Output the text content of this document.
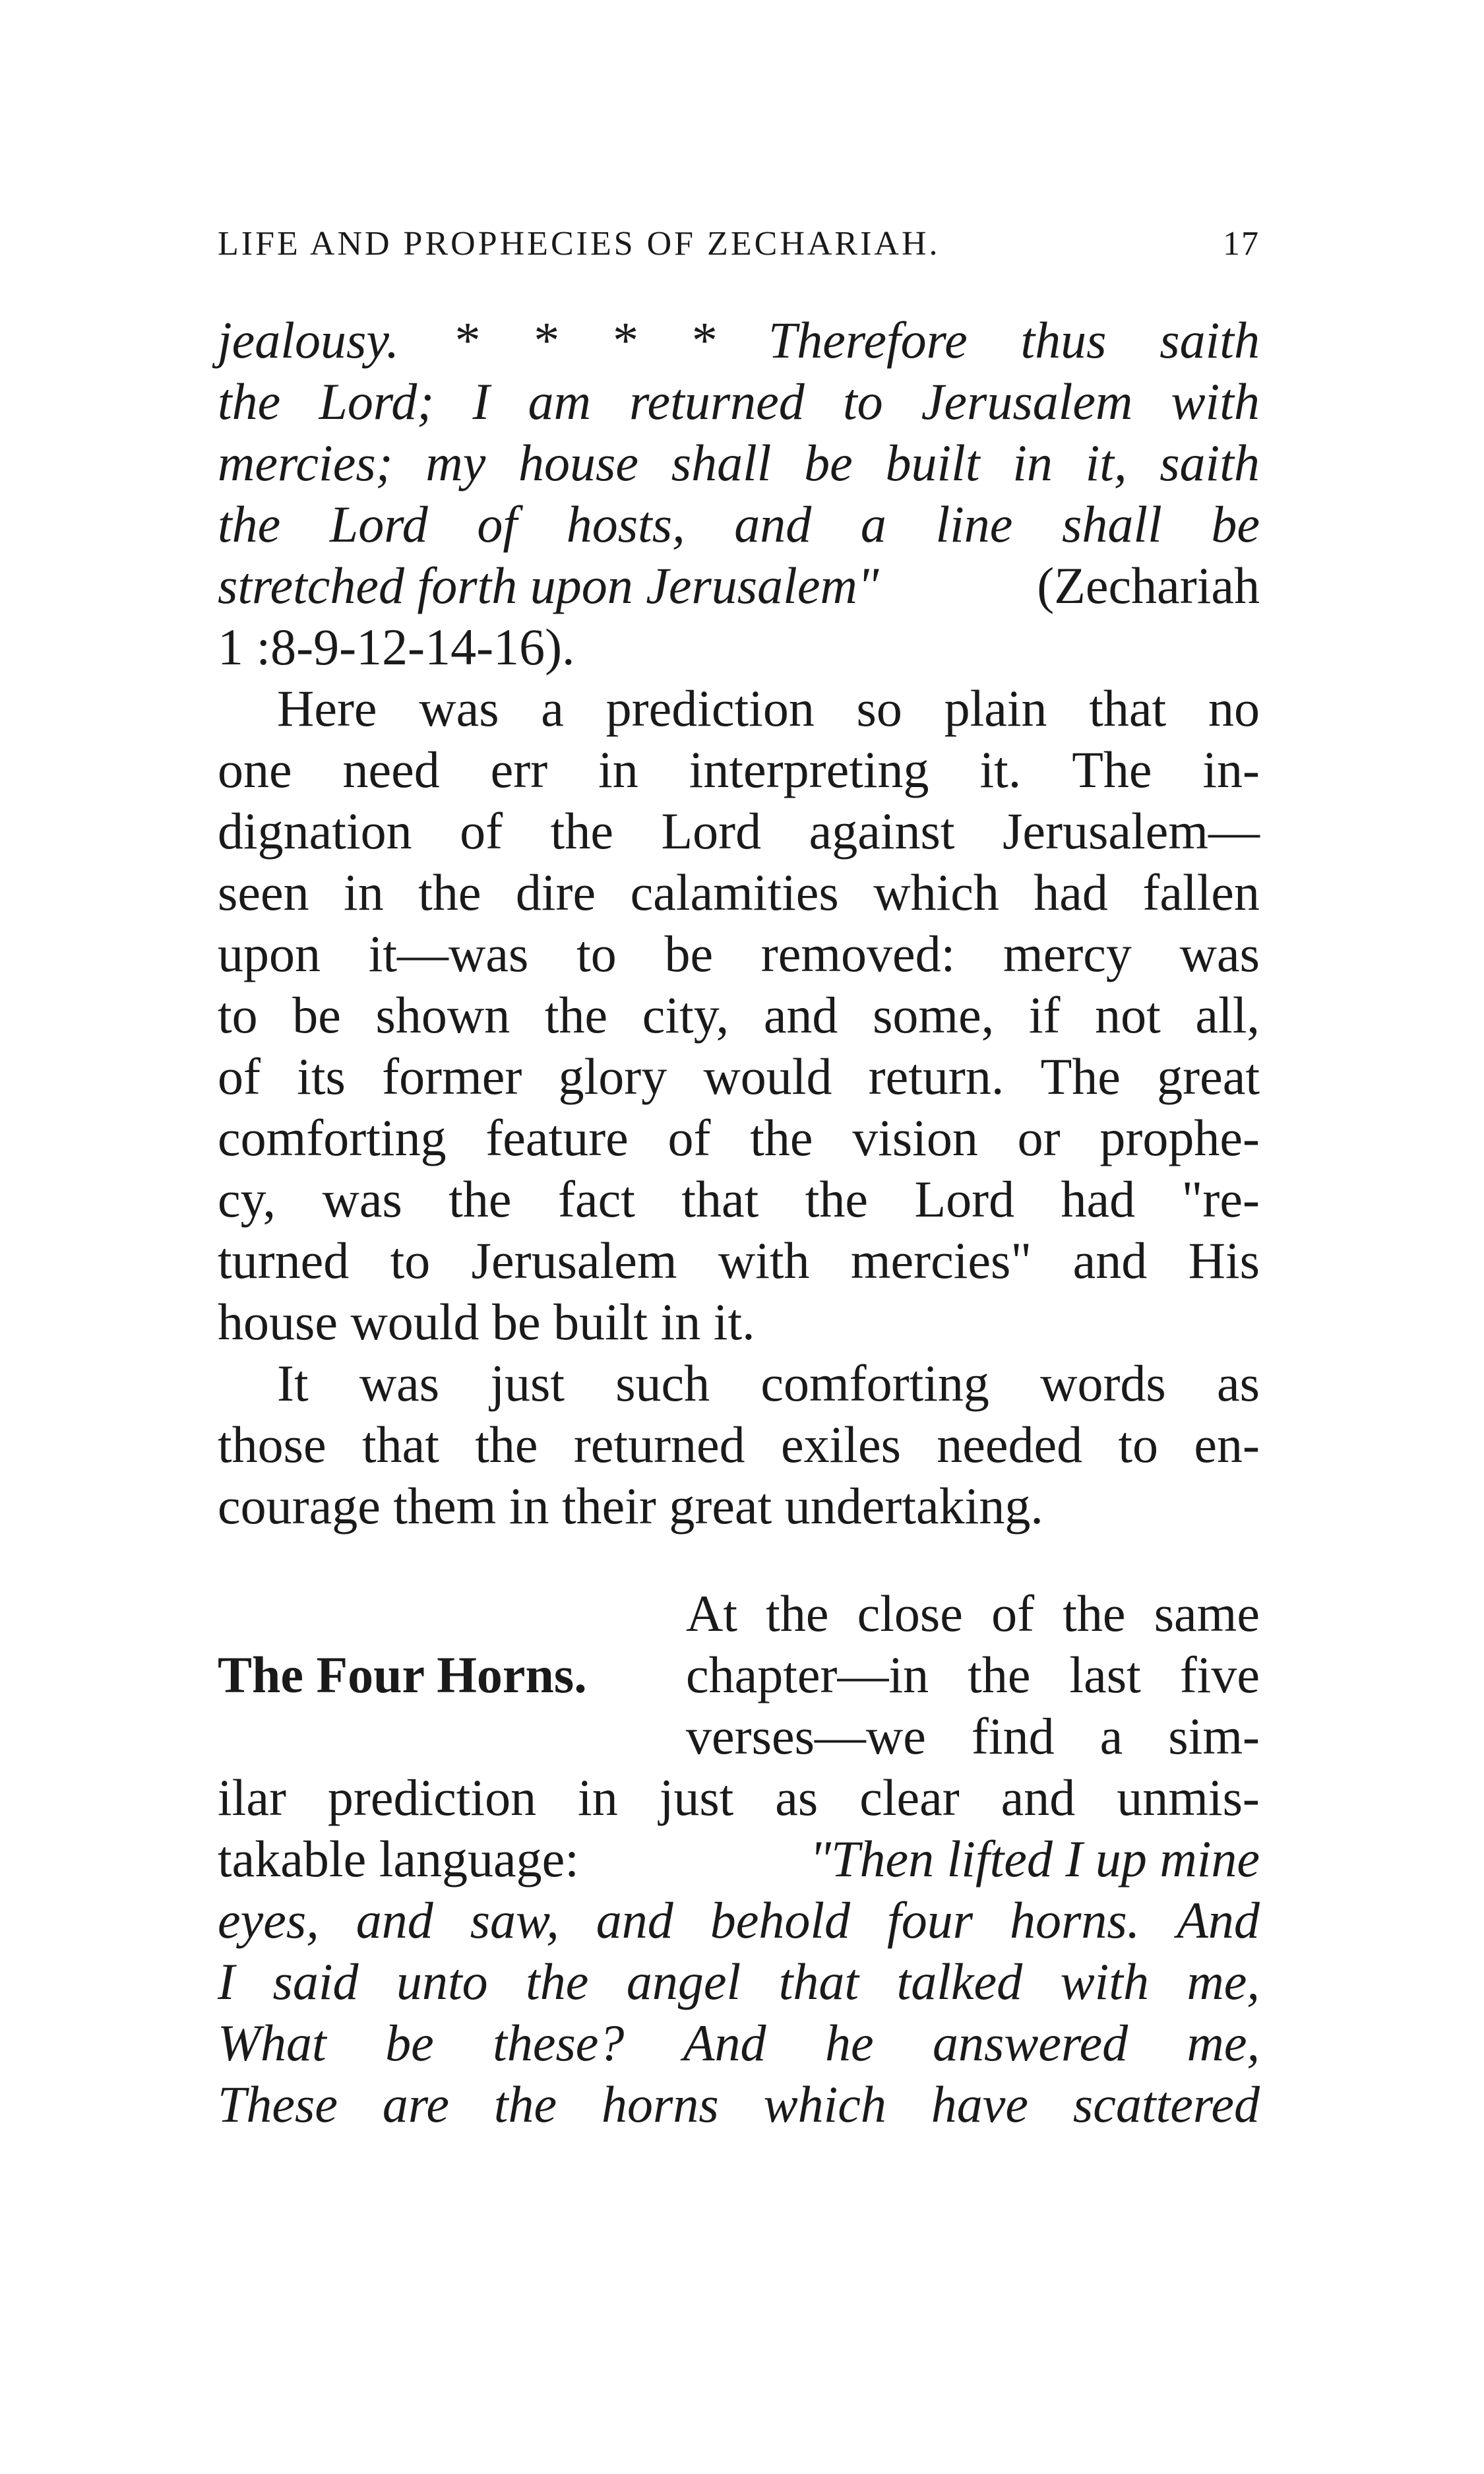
LIFE AND PROPHECIES OF ZECHARIAH.	17
jealousy. * * * * Therefore thus saith
the Lord; I am returned to Jerusalem with
mercies; my house shall be built in it, saith
the Lord of hosts, and a line shall be
stretched forth upon Jerusalem"	(Zechariah
1 :8-9-12-14-16).
Here was a prediction so plain that no
one need err in interpreting it. The in-
dignation of the Lord against Jerusalem—
seen in the dire calamities which had fallen
upon it—was to be removed: mercy was
to be shown the city, and some, if not all,
of its former glory would return. The great
comforting feature of the vision or prophe-
cy, was the fact that the Lord had "re-
turned to Jerusalem with mercies" and His
house would be built in it.
It was just such comforting words as
those that the returned exiles needed to en-
courage them in their great undertaking.
The Four Horns.
At the close of the same
chapter—in the last five
verses—we find a sim-
ilar prediction in just as clear and unmis-
takable language:	"Then lifted I up mine
eyes, and saw, and behold four horns. And
I said unto the angel that talked with me,
What be these? And he answered me,
These are the horns which have scattered
